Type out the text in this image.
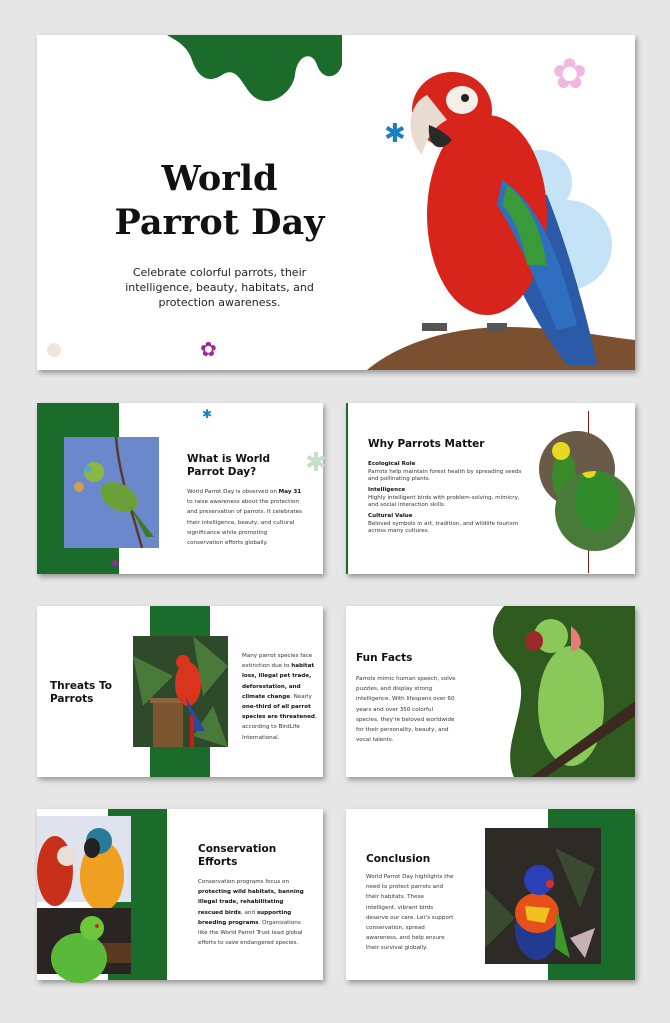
World
Parrot Day
Celebrate colorful parrots, their intelligence, beauty, habitats, and protection awareness.
✿
✱
✿
✱
✱
✱
What is World Parrot Day?
World Parrot Day is observed on May 31 to raise awareness about the protection and preservation of parrots. It celebrates their intelligence, beauty, and cultural significance while promoting conservation efforts globally.
Why Parrots Matter
Ecological Role
Parrots help maintain forest health by spreading seeds and pollinating plants.
Intelligence
Highly intelligent birds with problem-solving, mimicry, and social interaction skills.
Cultural Value
Beloved symbols in art, tradition, and wildlife tourism across many cultures.
Threats To Parrots
Many parrot species face extinction due to habitat loss, illegal pet trade, deforestation, and climate change. Nearly one-third of all parrot species are threatened, according to BirdLife International.
Fun Facts
Parrots mimic human speech, solve puzzles, and display strong intelligence. With lifespans over 60 years and over 350 colorful species, they're beloved worldwide for their personality, beauty, and vocal talents.
Conservation Efforts
Conservation programs focus on protecting wild habitats, banning illegal trade, rehabilitating rescued birds, and supporting breeding programs. Organizations like the World Parrot Trust lead global efforts to save endangered species.
Conclusion
World Parrot Day highlights the need to protect parrots and their habitats. These intelligent, vibrant birds deserve our care. Let's support conservation, spread awareness, and help ensure their survival globally.
